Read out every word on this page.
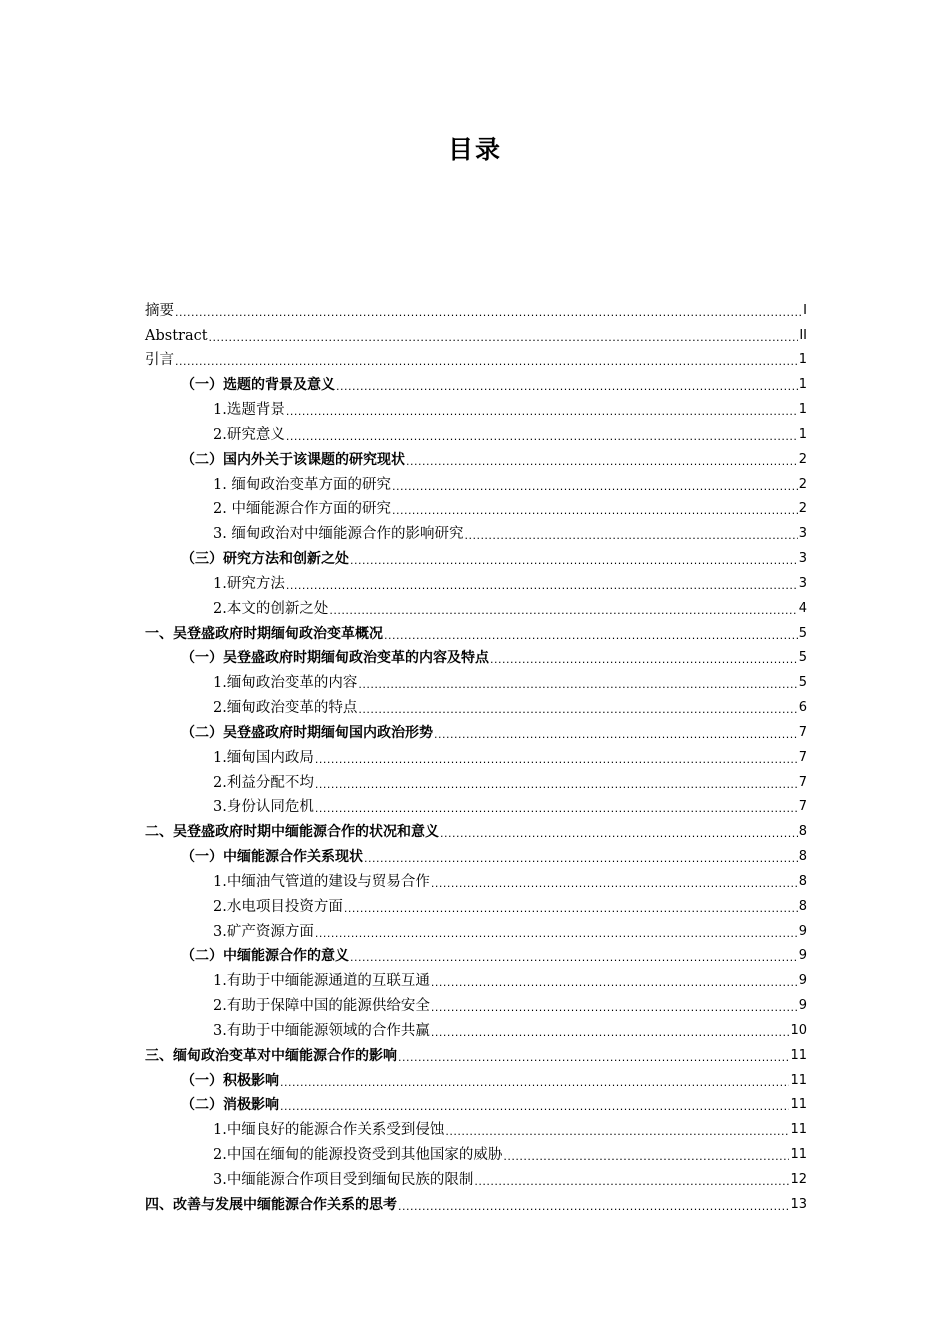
目录
摘要 .....	I
Abstract .....	II
引言 .....	1
（一）选题的背景及意义 .....	1
1.选题背景 .....	1
2.研究意义 .....	1
（二）国内外关于该课题的研究现状 .....	2
1. 缅甸政治变革方面的研究 .....	2
2. 中缅能源合作方面的研究 .....	2
3. 缅甸政治对中缅能源合作的影响研究 .....	3
（三）研究方法和创新之处 .....	3
1.研究方法 .....	3
2.本文的创新之处 .....	4
一、吴登盛政府时期缅甸政治变革概况 .....	5
（一）吴登盛政府时期缅甸政治变革的内容及特点 .....	5
1.缅甸政治变革的内容 .....	5
2.缅甸政治变革的特点 .....	6
（二）吴登盛政府时期缅甸国内政治形势 .....	7
1.缅甸国内政局 .....	7
2.利益分配不均 .....	7
3.身份认同危机 .....	7
二、吴登盛政府时期中缅能源合作的状况和意义 .....	8
（一）中缅能源合作关系现状 .....	8
1.中缅油气管道的建设与贸易合作 .....	8
2.水电项目投资方面 .....	8
3.矿产资源方面 .....	9
（二）中缅能源合作的意义 .....	9
1.有助于中缅能源通道的互联互通 .....	9
2.有助于保障中国的能源供给安全 .....	9
3.有助于中缅能源领域的合作共赢 .....	10
三、缅甸政治变革对中缅能源合作的影响 .....	11
（一）积极影响 .....	11
（二）消极影响 .....	11
1.中缅良好的能源合作关系受到侵蚀 .....	11
2.中国在缅甸的能源投资受到其他国家的威胁 .....	11
3.中缅能源合作项目受到缅甸民族的限制 .....	12
四、改善与发展中缅能源合作关系的思考 .....	13
